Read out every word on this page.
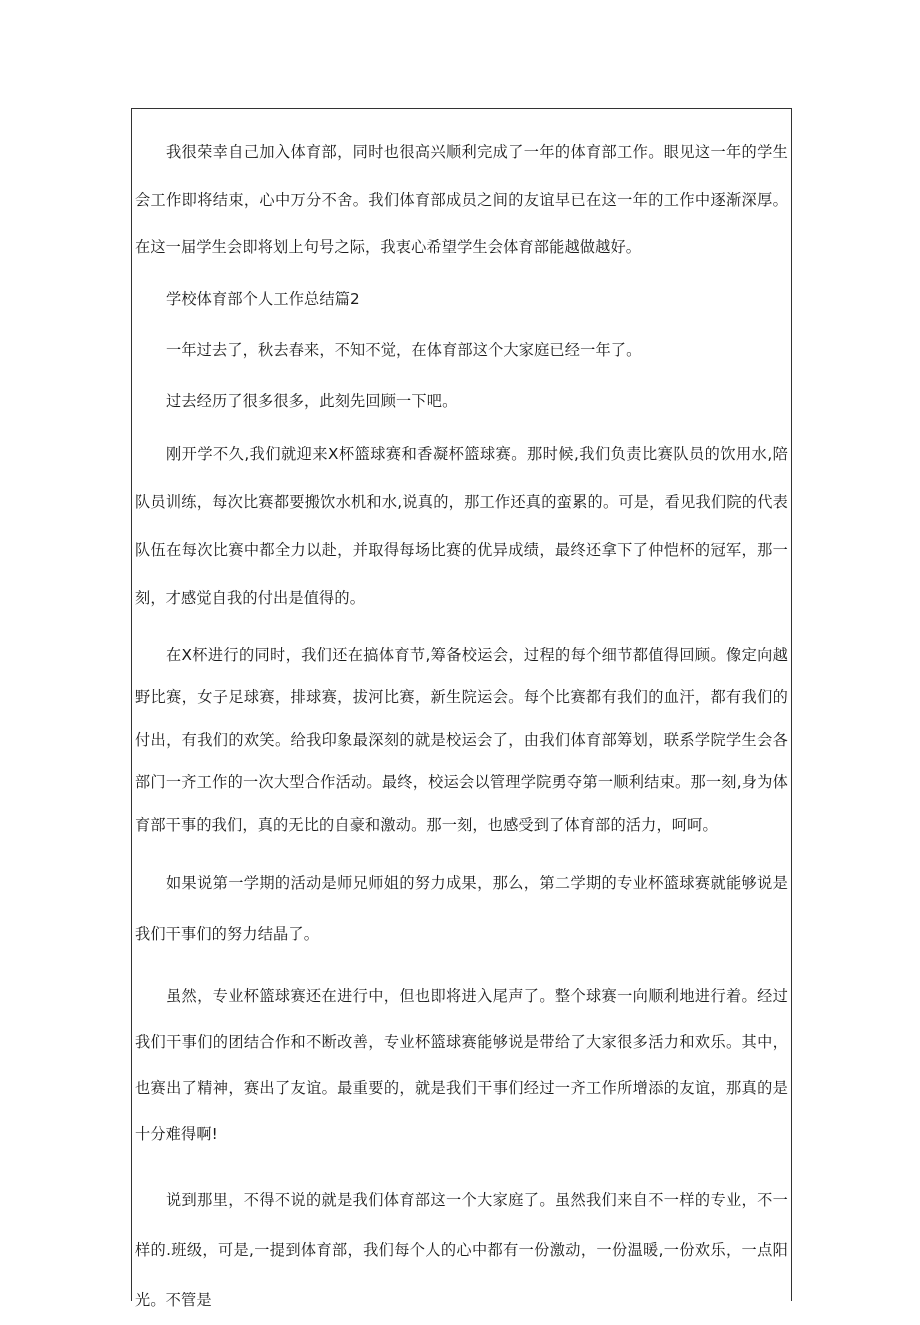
我很荣幸自己加入体育部，同时也很高兴顺利完成了一年的体育部工作。眼见这一年的学生会工作即将结束，心中万分不舍。我们体育部成员之间的友谊早已在这一年的工作中逐渐深厚。在这一届学生会即将划上句号之际，我衷心希望学生会体育部能越做越好。

学校体育部个人工作总结篇2

一年过去了，秋去春来，不知不觉，在体育部这个大家庭已经一年了。

过去经历了很多很多，此刻先回顾一下吧。

刚开学不久,我们就迎来X杯篮球赛和香凝杯篮球赛。那时候,我们负责比赛队员的饮用水,陪队员训练，每次比赛都要搬饮水机和水,说真的，那工作还真的蛮累的。可是，看见我们院的代表队伍在每次比赛中都全力以赴，并取得每场比赛的优异成绩，最终还拿下了仲恺杯的冠军，那一刻，才感觉自我的付出是值得的。

在X杯进行的同时，我们还在搞体育节,筹备校运会，过程的每个细节都值得回顾。像定向越野比赛，女子足球赛，排球赛，拔河比赛，新生院运会。每个比赛都有我们的血汗，都有我们的付出，有我们的欢笑。给我印象最深刻的就是校运会了，由我们体育部筹划，联系学院学生会各部门一齐工作的一次大型合作活动。最终，校运会以管理学院勇夺第一顺利结束。那一刻,身为体育部干事的我们，真的无比的自豪和激动。那一刻，也感受到了体育部的活力，呵呵。

如果说第一学期的活动是师兄师姐的努力成果，那么，第二学期的专业杯篮球赛就能够说是我们干事们的努力结晶了。

虽然，专业杯篮球赛还在进行中，但也即将进入尾声了。整个球赛一向顺利地进行着。经过我们干事们的团结合作和不断改善，专业杯篮球赛能够说是带给了大家很多活力和欢乐。其中，也赛出了精神，赛出了友谊。最重要的，就是我们干事们经过一齐工作所增添的友谊，那真的是十分难得啊!

说到那里，不得不说的就是我们体育部这一个大家庭了。虽然我们来自不一样的专业，不一样的.班级，可是,一提到体育部，我们每个人的心中都有一份激动，一份温暖,一份欢乐，一点阳光。不管是
